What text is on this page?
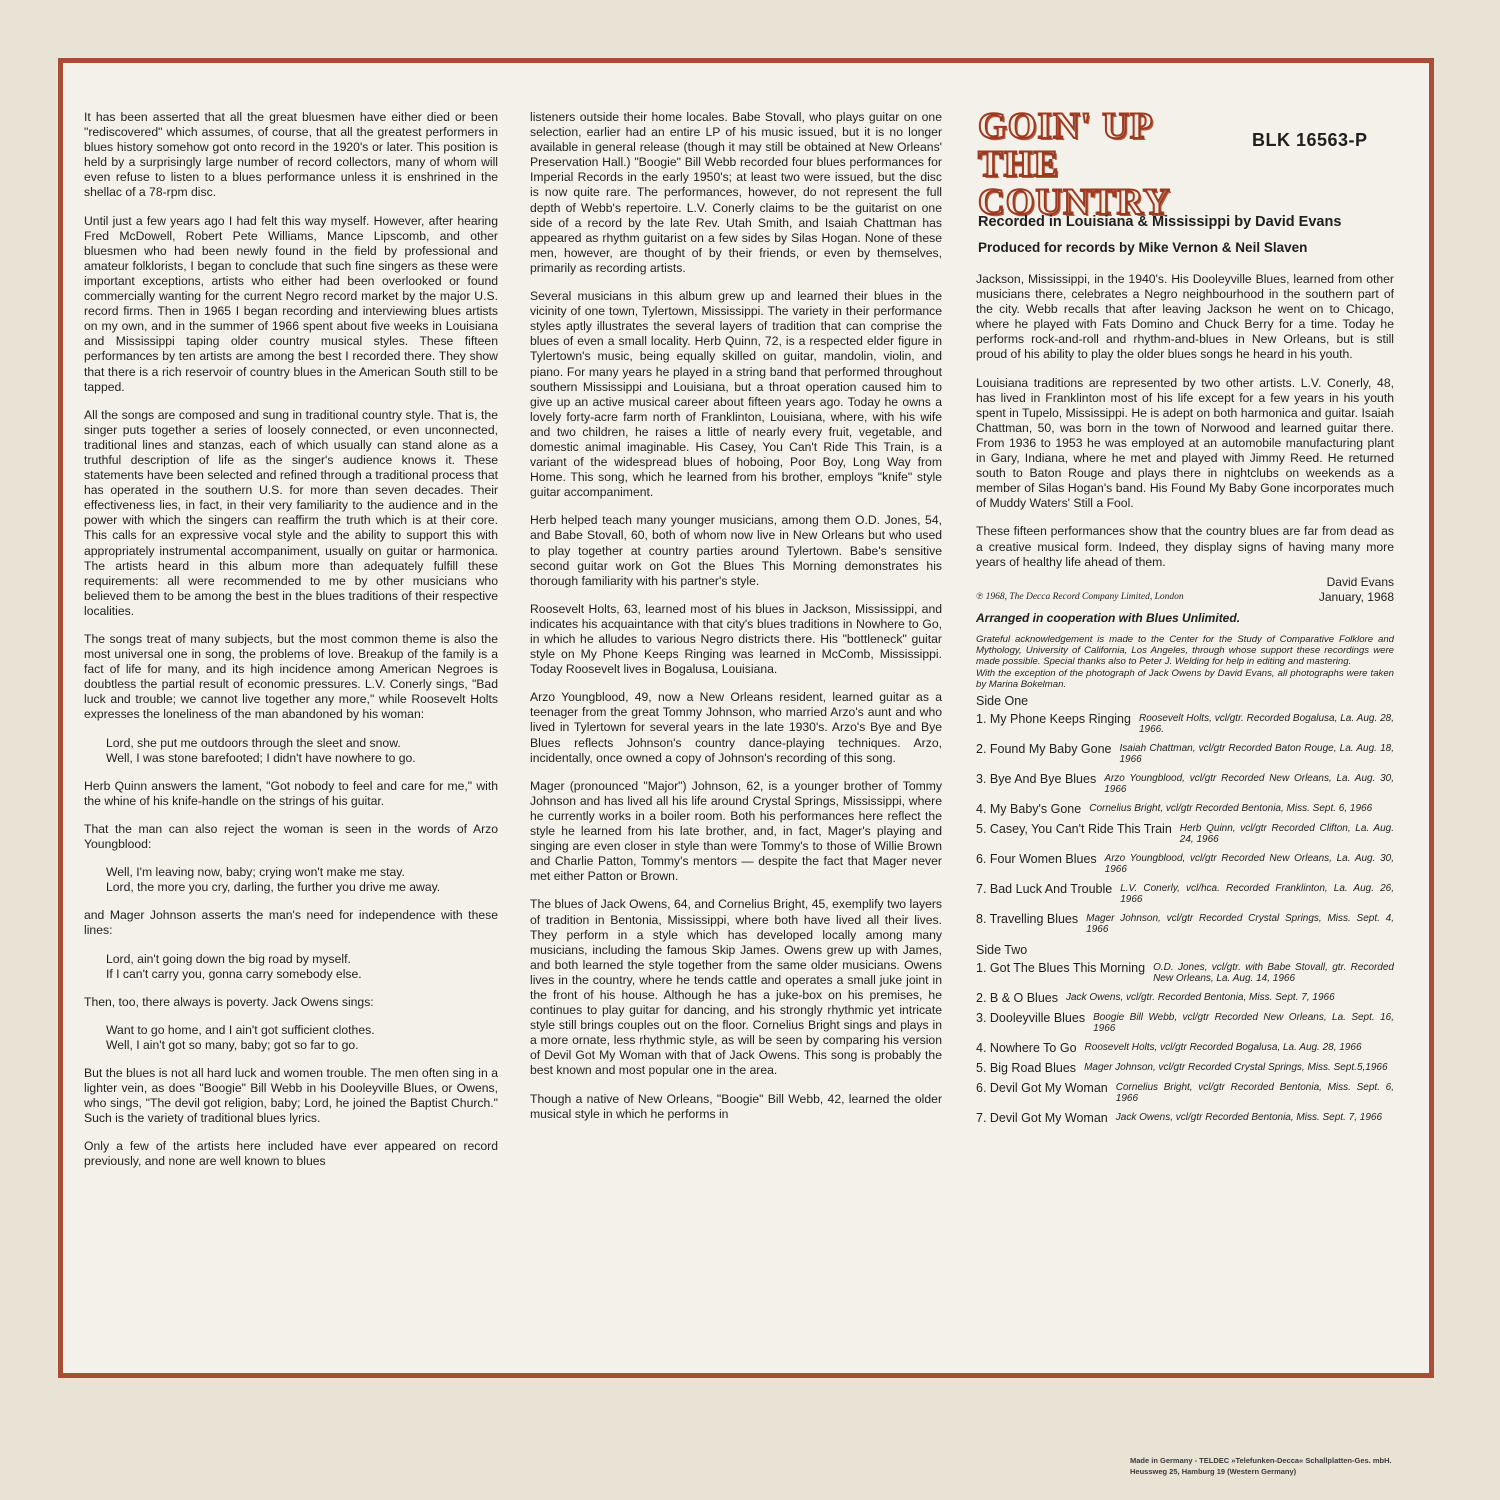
It has been asserted that all the great bluesmen have either died or been "rediscovered" which assumes, of course, that all the greatest performers in blues history somehow got onto record in the 1920's or later. This position is held by a surprisingly large number of record collectors, many of whom will even refuse to listen to a blues performance unless it is enshrined in the shellac of a 78-rpm disc.

Until just a few years ago I had felt this way myself. However, after hearing Fred McDowell, Robert Pete Williams, Mance Lipscomb, and other bluesmen who had been newly found in the field by professional and amateur folklorists, I began to conclude that such fine singers as these were important exceptions, artists who either had been overlooked or found commercially wanting for the current Negro record market by the major U.S. record firms. Then in 1965 I began recording and interviewing blues artists on my own, and in the summer of 1966 spent about five weeks in Louisiana and Mississippi taping older country musical styles. These fifteen performances by ten artists are among the best I recorded there. They show that there is a rich reservoir of country blues in the American South still to be tapped.

All the songs are composed and sung in traditional country style. That is, the singer puts together a series of loosely connected, or even unconnected, traditional lines and stanzas, each of which usually can stand alone as a truthful description of life as the singer's audience knows it. These statements have been selected and refined through a traditional process that has operated in the southern U.S. for more than seven decades. Their effectiveness lies, in fact, in their very familiarity to the audience and in the power with which the singers can reaffirm the truth which is at their core. This calls for an expressive vocal style and the ability to support this with appropriately instrumental accompaniment, usually on guitar or harmonica. The artists heard in this album more than adequately fulfill these requirements: all were recommended to me by other musicians who believed them to be among the best in the blues traditions of their respective localities.

The songs treat of many subjects, but the most common theme is also the most universal one in song, the problems of love. Breakup of the family is a fact of life for many, and its high incidence among American Negroes is doubtless the partial result of economic pressures. L.V. Conerly sings, "Bad luck and trouble; we cannot live together any more," while Roosevelt Holts expresses the loneliness of the man abandoned by his woman:

Lord, she put me outdoors through the sleet and snow.
Well, I was stone barefooted; I didn't have nowhere to go.

Herb Quinn answers the lament, "Got nobody to feel and care for me," with the whine of his knife-handle on the strings of his guitar.

That the man can also reject the woman is seen in the words of Arzo Youngblood:

Well, I'm leaving now, baby; crying won't make me stay.
Lord, the more you cry, darling, the further you drive me away.

and Mager Johnson asserts the man's need for independence with these lines:

Lord, ain't going down the big road by myself.
If I can't carry you, gonna carry somebody else.

Then, too, there always is poverty. Jack Owens sings:

Want to go home, and I ain't got sufficient clothes.
Well, I ain't got so many, baby; got so far to go.

But the blues is not all hard luck and women trouble. The men often sing in a lighter vein, as does "Boogie" Bill Webb in his Dooleyville Blues, or Owens, who sings, "The devil got religion, baby; Lord, he joined the Baptist Church." Such is the variety of traditional blues lyrics.

Only a few of the artists here included have ever appeared on record previously, and none are well known to blues

listeners outside their home locales. Babe Stovall, who plays guitar on one selection, earlier had an entire LP of his music issued, but it is no longer available in general release (though it may still be obtained at New Orleans' Preservation Hall.) "Boogie" Bill Webb recorded four blues performances for Imperial Records in the early 1950's; at least two were issued, but the disc is now quite rare. The performances, however, do not represent the full depth of Webb's repertoire. L.V. Conerly claims to be the guitarist on one side of a record by the late Rev. Utah Smith, and Isaiah Chattman has appeared as rhythm guitarist on a few sides by Silas Hogan. None of these men, however, are thought of by their friends, or even by themselves, primarily as recording artists.

Several musicians in this album grew up and learned their blues in the vicinity of one town, Tylertown, Mississippi. The variety in their performance styles aptly illustrates the several layers of tradition that can comprise the blues of even a small locality. Herb Quinn, 72, is a respected elder figure in Tylertown's music, being equally skilled on guitar, mandolin, violin, and piano. For many years he played in a string band that performed throughout southern Mississippi and Louisiana, but a throat operation caused him to give up an active musical career about fifteen years ago. Today he owns a lovely forty-acre farm north of Franklinton, Louisiana, where, with his wife and two children, he raises a little of nearly every fruit, vegetable, and domestic animal imaginable. His Casey, You Can't Ride This Train, is a variant of the widespread blues of hoboing, Poor Boy, Long Way from Home. This song, which he learned from his brother, employs "knife" style guitar accompaniment.

Herb helped teach many younger musicians, among them O.D. Jones, 54, and Babe Stovall, 60, both of whom now live in New Orleans but who used to play together at country parties around Tylertown. Babe's sensitive second guitar work on Got the Blues This Morning demonstrates his thorough familiarity with his partner's style.

Roosevelt Holts, 63, learned most of his blues in Jackson, Mississippi, and indicates his acquaintance with that city's blues traditions in Nowhere to Go, in which he alludes to various Negro districts there. His "bottleneck" guitar style on My Phone Keeps Ringing was learned in McComb, Mississippi. Today Roosevelt lives in Bogalusa, Louisiana.

Arzo Youngblood, 49, now a New Orleans resident, learned guitar as a teenager from the great Tommy Johnson, who married Arzo's aunt and who lived in Tylertown for several years in the late 1930's. Arzo's Bye and Bye Blues reflects Johnson's country dance-playing techniques. Arzo, incidentally, once owned a copy of Johnson's recording of this song.

Mager (pronounced "Major") Johnson, 62, is a younger brother of Tommy Johnson and has lived all his life around Crystal Springs, Mississippi, where he currently works in a boiler room. Both his performances here reflect the style he learned from his late brother, and, in fact, Mager's playing and singing are even closer in style than were Tommy's to those of Willie Brown and Charlie Patton, Tommy's mentors — despite the fact that Mager never met either Patton or Brown.

The blues of Jack Owens, 64, and Cornelius Bright, 45, exemplify two layers of tradition in Bentonia, Mississippi, where both have lived all their lives. They perform in a style which has developed locally among many musicians, including the famous Skip James. Owens grew up with James, and both learned the style together from the same older musicians. Owens lives in the country, where he tends cattle and operates a small juke joint in the front of his house. Although he has a juke-box on his premises, he continues to play guitar for dancing, and his strongly rhythmic yet intricate style still brings couples out on the floor. Cornelius Bright sings and plays in a more ornate, less rhythmic style, as will be seen by comparing his version of Devil Got My Woman with that of Jack Owens. This song is probably the best known and most popular one in the area.

Though a native of New Orleans, "Boogie" Bill Webb, 42, learned the older musical style in which he performs in

GOIN' UP THE
COUNTRY
BLK 16563-P
Recorded in Louisiana & Mississippi by David Evans
Produced for records by Mike Vernon & Neil Slaven

Jackson, Mississippi, in the 1940's. His Dooleyville Blues, learned from other musicians there, celebrates a Negro neighbourhood in the southern part of the city. Webb recalls that after leaving Jackson he went on to Chicago, where he played with Fats Domino and Chuck Berry for a time. Today he performs rock-and-roll and rhythm-and-blues in New Orleans, but is still proud of his ability to play the older blues songs he heard in his youth.

Louisiana traditions are represented by two other artists. L.V. Conerly, 48, has lived in Franklinton most of his life except for a few years in his youth spent in Tupelo, Mississippi. He is adept on both harmonica and guitar. Isaiah Chattman, 50, was born in the town of Norwood and learned guitar there. From 1936 to 1953 he was employed at an automobile manufacturing plant in Gary, Indiana, where he met and played with Jimmy Reed. He returned south to Baton Rouge and plays there in nightclubs on weekends as a member of Silas Hogan's band. His Found My Baby Gone incorporates much of Muddy Waters' Still a Fool.

These fifteen performances show that the country blues are far from dead as a creative musical form. Indeed, they display signs of having many more years of healthy life ahead of them.

David Evans
℗ 1968, The Decca Record Company Limited, London	January, 1968
Arranged in cooperation with Blues Unlimited.
Grateful acknowledgement is made to the Center for the Study of Comparative Folklore and Mythology, University of California, Los Angeles, through whose support these recordings were made possible. Special thanks also to Peter J. Welding for help in editing and mastering.
With the exception of the photograph of Jack Owens by David Evans, all photographs were taken by Marina Bokelman.
Side One
1. My Phone Keeps Ringing Roosevelt Holts, vcl/gtr. Recorded Bogalusa, La. Aug. 28, 1966.
2. Found My Baby Gone Isaiah Chattman, vcl/gtr Recorded Baton Rouge, La. Aug. 18, 1966
3. Bye And Bye Blues Arzo Youngblood, vcl/gtr Recorded New Orleans, La. Aug. 30, 1966
4. My Baby's Gone Cornelius Bright, vcl/gtr Recorded Bentonia, Miss. Sept. 6, 1966
5. Casey, You Can't Ride This Train Herb Quinn, vcl/gtr Recorded Clifton, La. Aug. 24, 1966
6. Four Women Blues Arzo Youngblood, vcl/gtr Recorded New Orleans, La. Aug. 30, 1966
7. Bad Luck And Trouble L.V. Conerly, vcl/hca. Recorded Franklinton, La. Aug. 26, 1966
8. Travelling Blues Mager Johnson, vcl/gtr Recorded Crystal Springs, Miss. Sept. 4, 1966
Side Two
1. Got The Blues This Morning O.D. Jones, vcl/gtr. with Babe Stovall, gtr. Recorded New Orleans, La. Aug. 14, 1966
2. B & O Blues Jack Owens, vcl/gtr. Recorded Bentonia, Miss. Sept. 7, 1966
3. Dooleyville Blues Boogie Bill Webb, vcl/gtr Recorded New Orleans, La. Sept. 16, 1966
4. Nowhere To Go Roosevelt Holts, vcl/gtr Recorded Bogalusa, La. Aug. 28, 1966
5. Big Road Blues Mager Johnson, vcl/gtr Recorded Crystal Springs, Miss. Sept.5,1966
6. Devil Got My Woman Cornelius Bright, vcl/gtr Recorded Bentonia, Miss. Sept. 6, 1966
7. Devil Got My Woman Jack Owens, vcl/gtr Recorded Bentonia, Miss. Sept. 7, 1966
Made in Germany - TELDEC »Telefunken-Decca« Schallplatten-Ges. mbH.
Heussweg 25, Hamburg 19 (Western Germany)
